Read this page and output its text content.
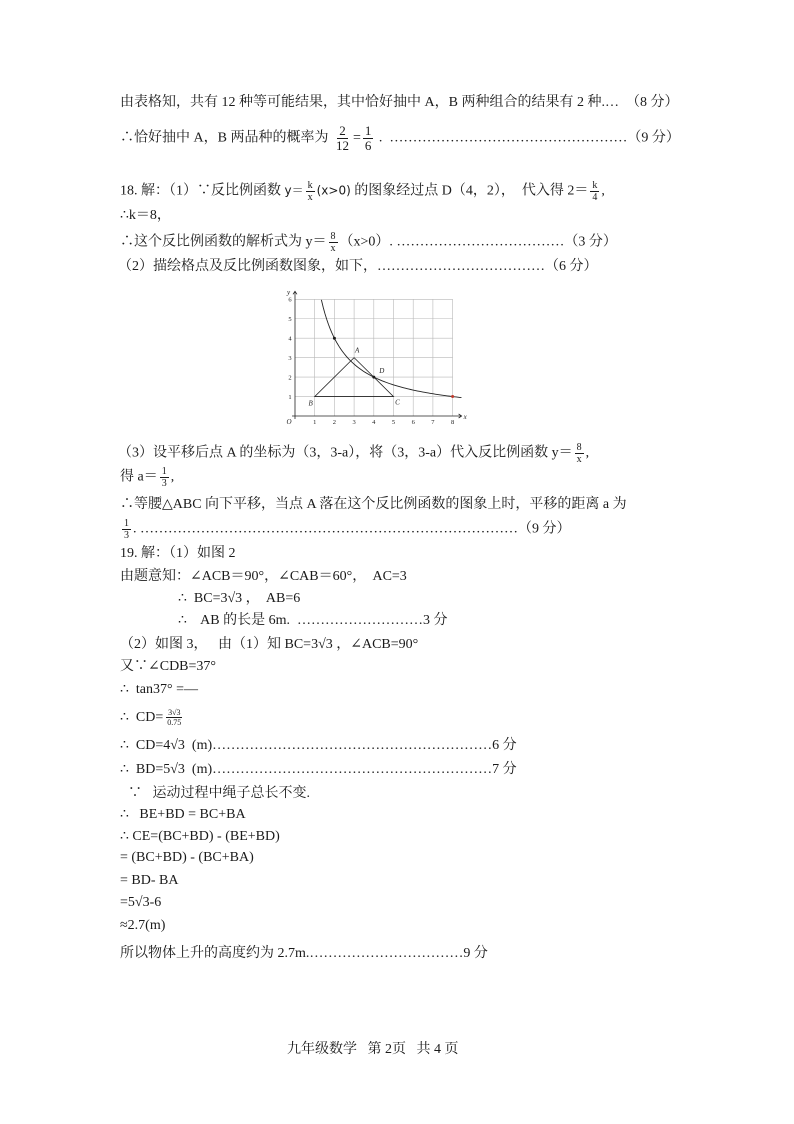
由表格知，共有 12 种等可能结果，其中恰好抽中 A，B 两种组合的结果有 2 种.…  （8 分）
∴恰好抽中 A，B 两品种的概率为 $\frac{2}{12} = \frac{1}{6}$ .  ……………………………………………（9 分）
18. 解：（1）∵反比例函数 $y= \frac{k}{x} (x>0)$ 的图象经过点 D（4，2），  代入得 $2= \frac{k}{4}$ ,
∴k＝8，
∴这个反比例函数的解析式为 $y= \frac{8}{x} (x>0)$. ………………………………（3 分）
（2）描绘格点及反比例函数图象，如下，………………………………（6 分）
1	2	3	4	5	6	7	8
1
2
3
4
5
6
O
x
y
A
B	C
D
（3）设平移后点 A 的坐标为（3，3-a），将（3，3-a）代入反比例函数 $y= \frac{8}{x}$ ,
得 $a= \frac{1}{3}$ ,
∴等腰△ABC 向下平移，当点 A 落在这个反比例函数的图象上时，平移的距离 a 为
$\frac{1}{3}$ . ………………………………………………………………………（9 分）
19. 解：（1）如图 2
由题意知：∠ACB＝90°，∠CAB＝60°，  AC=3
∴  BC=3√3 ，  AB=6
∴    AB 的长是 6m.  ………………………3 分
（2）如图 3，   由（1）知 BC=3√3 ，∠ACB=90°
又∵∠CDB=37°
∴  tan37° =—
∴  $CD= \frac{3√3}{0.75}$
∴  CD=4√3  (m)……………………………………………………6 分
∴  BD=5√3  (m)……………………………………………………7 分
∵   运动过程中绳子总长不变.
∴   BE+BD = BC+BA
∴ CE=(BC+BD) - (BE+BD)
= (BC+BD) - (BC+BA)
= BD- BA
=5√3-6
≈2.7(m)
所以物体上升的高度约为 2.7m.……………………………9 分
九年级数学   第 2页   共 4 页
